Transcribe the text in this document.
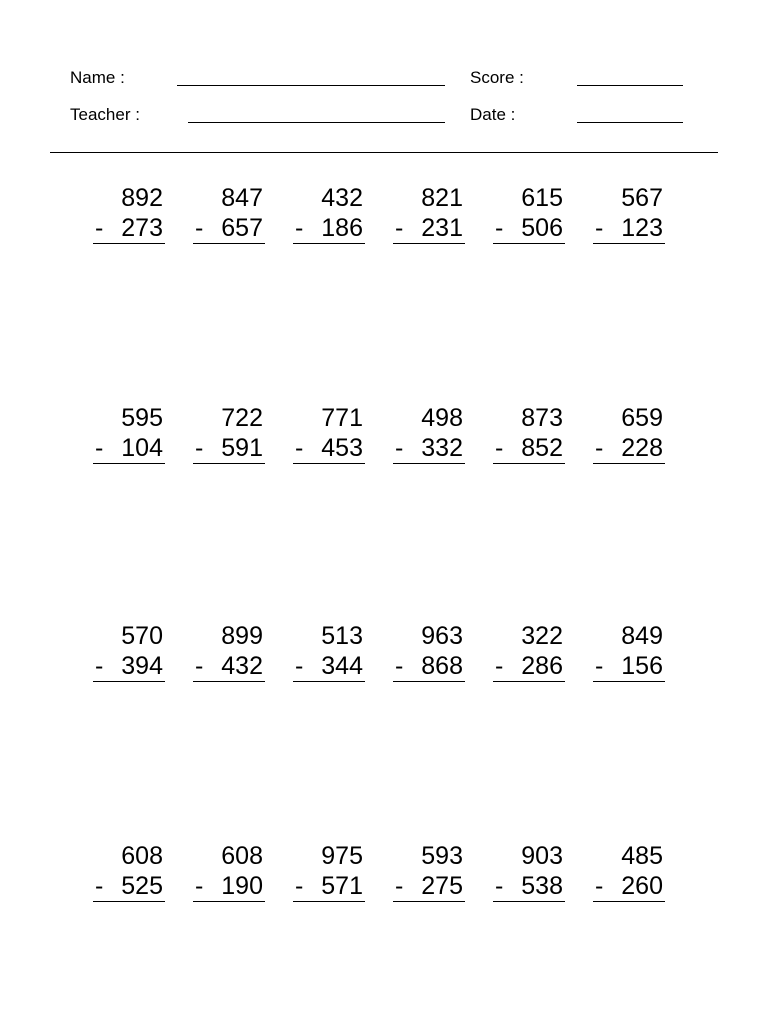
Name :	Score :
Teacher :	Date :
892
- 273
847
- 657
432
- 186
821
- 231
615
- 506
567
- 123
595
- 104
722
- 591
771
- 453
498
- 332
873
- 852
659
- 228
570
- 394
899
- 432
513
- 344
963
- 868
322
- 286
849
- 156
608
- 525
608
- 190
975
- 571
593
- 275
903
- 538
485
- 260
